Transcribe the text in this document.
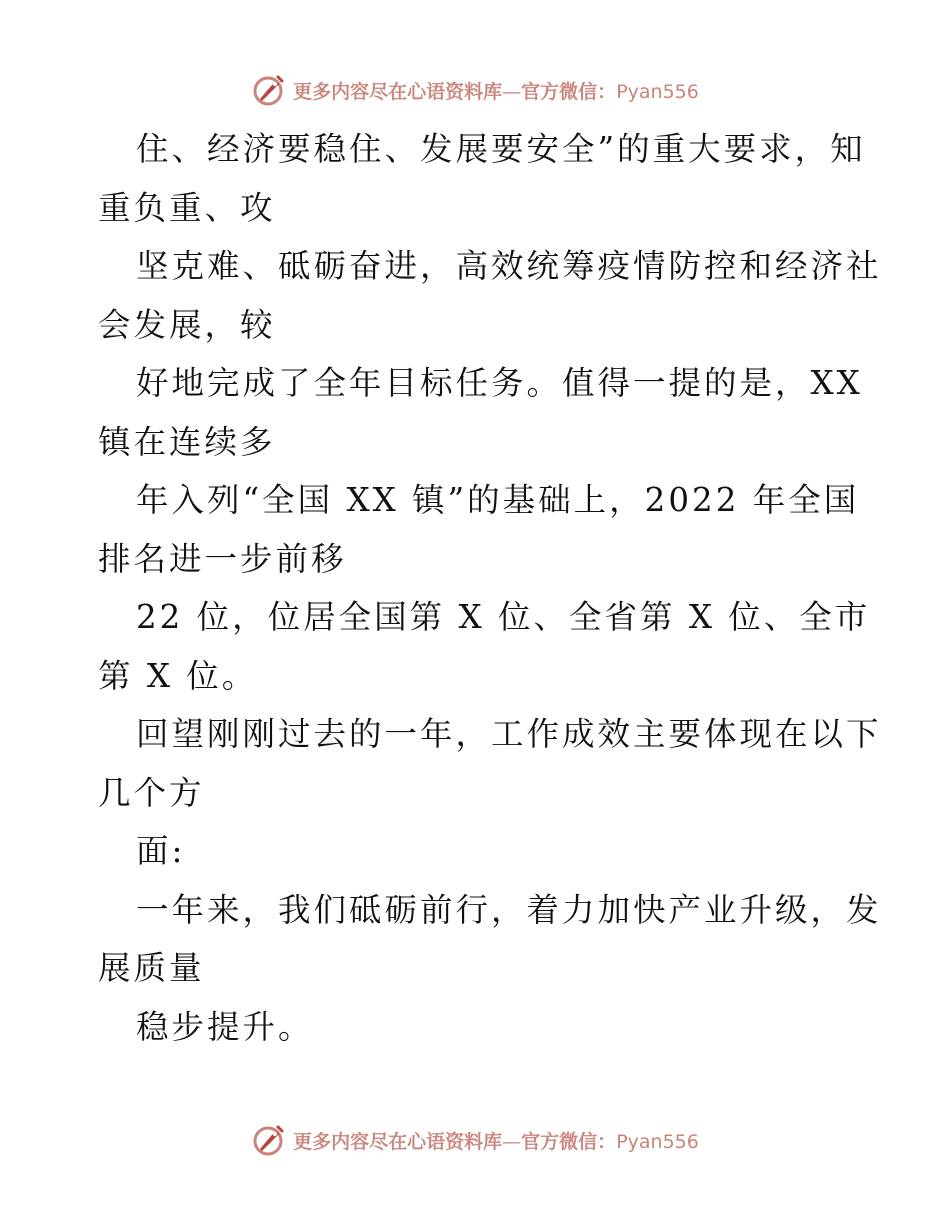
更多内容尽在心语资料库—官方微信：Pyan556
住、经济要稳住、发展要安全”的重大要求，知
重负重、攻
坚克难、砥砺奋进，高效统筹疫情防控和经济社
会发展，较
好地完成了全年目标任务。值得一提的是，XX
镇在连续多
年入列“全国 XX 镇”的基础上，2022 年全国
排名进一步前移
22 位，位居全国第 X 位、全省第 X 位、全市
第 X 位。
回望刚刚过去的一年，工作成效主要体现在以下
几个方
面:
一年来，我们砥砺前行，着力加快产业升级，发
展质量
稳步提升。
更多内容尽在心语资料库—官方微信：Pyan556
